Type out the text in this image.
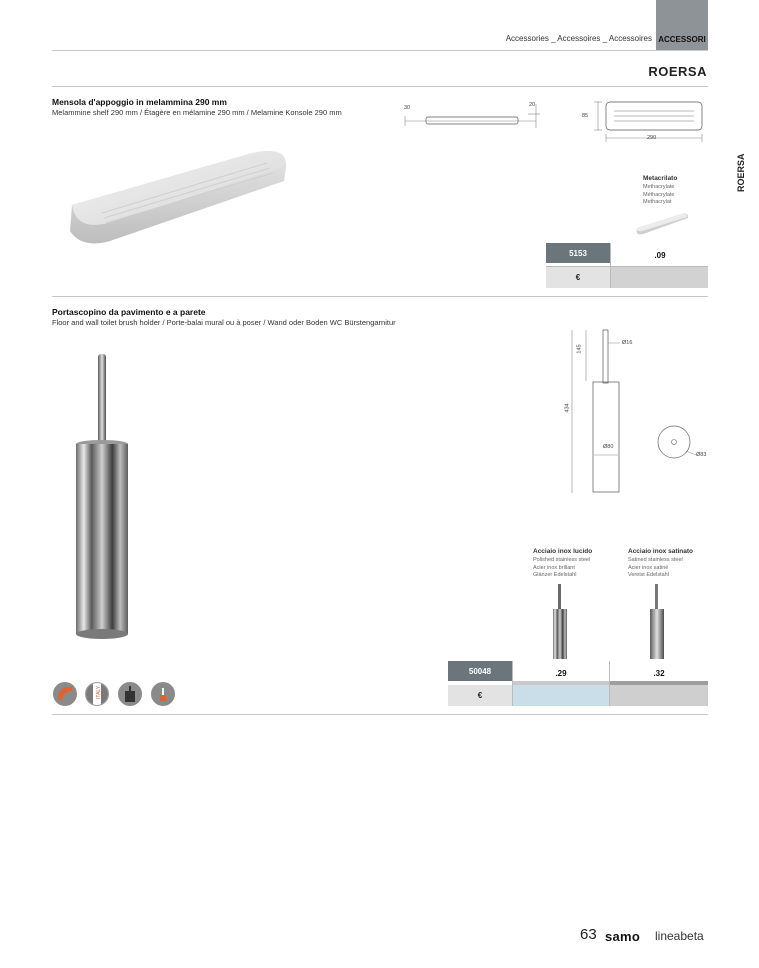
Accessories _ Accessoires _ Accessoires ACCESSORI
ROERSA
ROERSA
Mensola d'appoggio in melammina 290 mm
Melammine shelf 290 mm / Étagère en mélamine 290 mm / Melamine Konsole 290 mm	30	20
85
290
Metacrilato
Methacrylate
Méthacrylate
Methacrylat
5153	.09
€
Portascopino da pavimento e a parete
Floor and wall toilet brush holder / Porte-balai mural ou à poser / Wand oder Boden WC Bürstengarnitur
145
434
Ø16
Ø80
Ø83
Acciaio inox lucido
Polished stainless steel
Acier inox brillant
Glänzer Edelstahl
Acciaio inox satinato
Satined stainless steel
Acier inox satiné
Vereist Edelstahl
50048	.29	.32
€
ITALY
63 samo lineabeta
